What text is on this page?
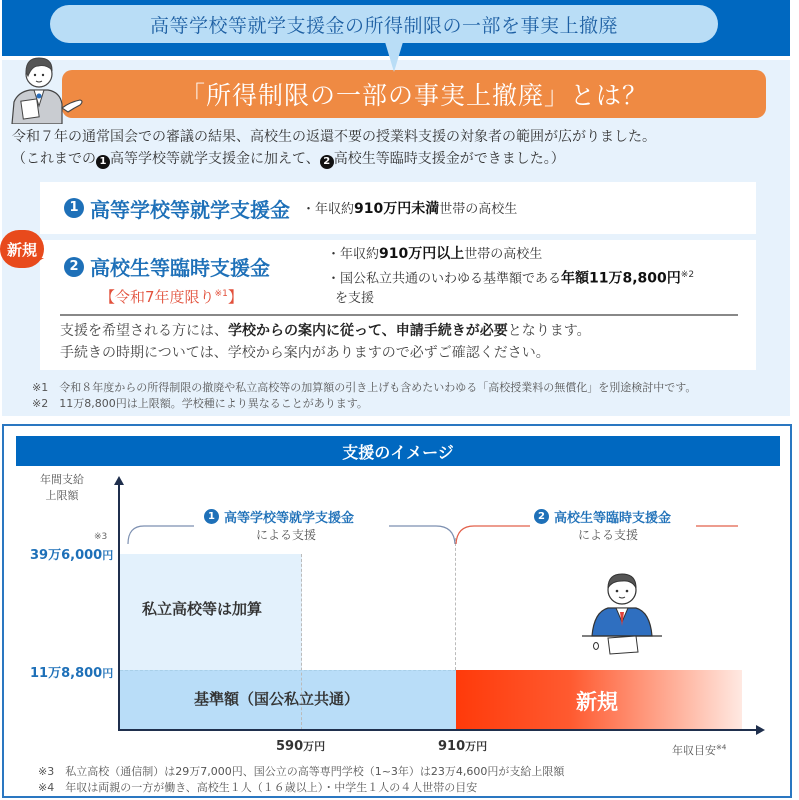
高等学校等就学支援金の所得制限の一部を事実上撤廃
「所得制限の一部の事実上撤廃」とは？
令和７年の通常国会での審議の結果、高校生の返還不要の授業料支援の対象者の範囲が広がりました。
（これまでの 1 高等学校等就学支援金に加えて、 2 高校生等臨時支援金ができました。）
1 高等学校等就学支援金 ・年収約910万円未満世帯の高校生
2 高校生等臨時支援金
【令和7年度限り$^{※1}$】
・年収約910万円以上世帯の高校生
・国公私立共通のいわゆる基準額である年額11万8,800円$^{※2}$
を支援
支援を希望される方には、学校からの案内に従って、申請手続きが必要となります。
手続きの時期については、学校から案内がありますので必ずご確認ください。
新規
※1　令和８年度からの所得制限の撤廃や私立高校等の加算額の引き上げも含めたいわゆる「高校授業料の無償化」を別途検討中です。
※2　11万8,800円は上限額。学校種により異なることがあります。
支援のイメージ
年間支給
上限額
※3
39万6,000円
11万8,800円
590万円	910万円	年収目安$^{※4}$
私立高校等は加算
基準額（国公私立共通）	新規
1 高等学校等就学支援金
による支援
2 高校生等臨時支援金
による支援
※3　私立高校（通信制）は29万7,000円、国公立の高等専門学校（1~3年）は23万4,600円が支給上限額
※4　年収は両親の一方が働き、高校生１人（１６歳以上）・中学生１人の４人世帯の目安
